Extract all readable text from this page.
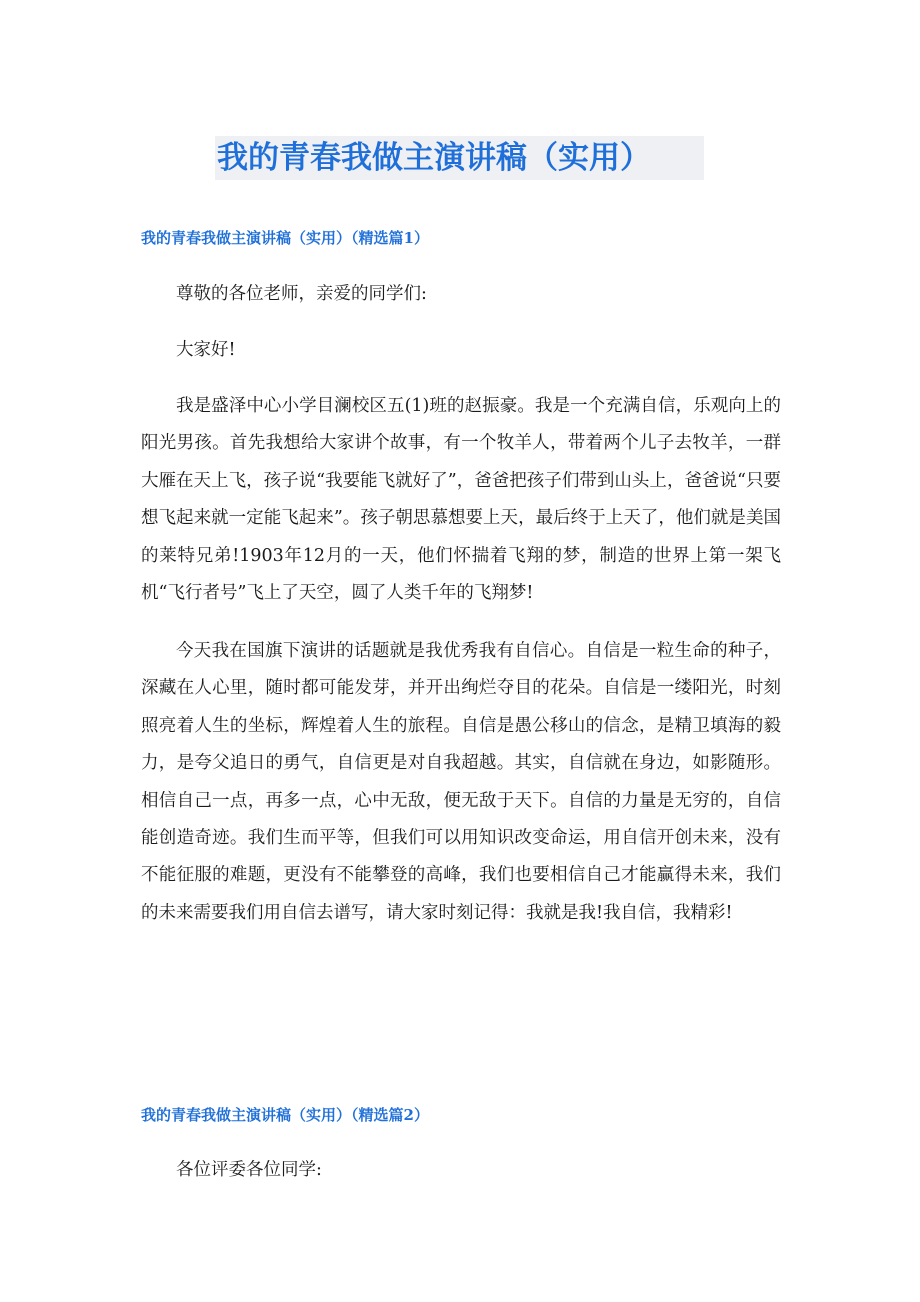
我的青春我做主演讲稿（实用）
我的青春我做主演讲稿（实用）（精选篇1）

尊敬的各位老师，亲爱的同学们:

大家好!

我是盛泽中心小学目澜校区五(1)班的赵振豪。我是一个充满自信，乐观向上的阳光男孩。首先我想给大家讲个故事，有一个牧羊人，带着两个儿子去牧羊，一群大雁在天上飞，孩子说“我要能飞就好了”，爸爸把孩子们带到山头上，爸爸说“只要想飞起来就一定能飞起来”。孩子朝思慕想要上天，最后终于上天了，他们就是美国的莱特兄弟!1903年12月的一天，他们怀揣着飞翔的梦，制造的世界上第一架飞机“飞行者号”飞上了天空，圆了人类千年的飞翔梦!

今天我在国旗下演讲的话题就是我优秀我有自信心。自信是一粒生命的种子，深藏在人心里，随时都可能发芽，并开出绚烂夺目的花朵。自信是一缕阳光，时刻照亮着人生的坐标，辉煌着人生的旅程。自信是愚公移山的信念，是精卫填海的毅力，是夸父追日的勇气，自信更是对自我超越。其实，自信就在身边，如影随形。相信自己一点，再多一点，心中无敌，便无敌于天下。自信的力量是无穷的，自信能创造奇迹。我们生而平等，但我们可以用知识改变命运，用自信开创未来，没有不能征服的难题，更没有不能攀登的高峰，我们也要相信自己才能赢得未来，我们的未来需要我们用自信去谱写，请大家时刻记得：我就是我!我自信，我精彩!

我的青春我做主演讲稿（实用）（精选篇2）

各位评委各位同学:
